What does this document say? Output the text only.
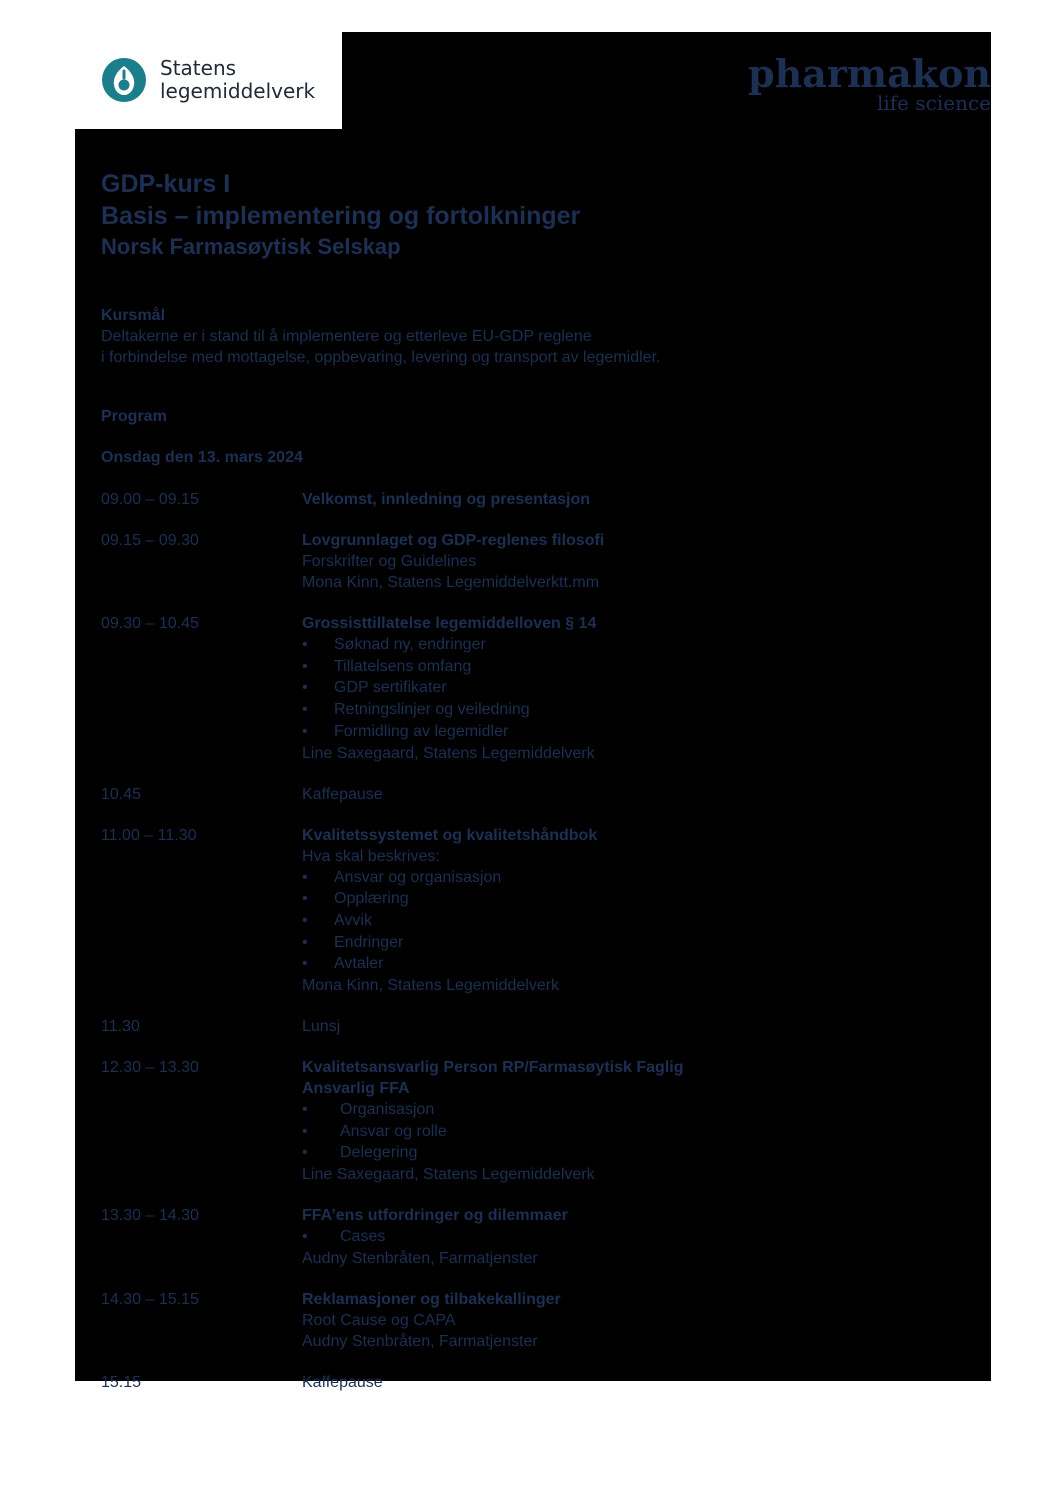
Statens
legemiddelverk	pharmakon
life science
GDP-kurs I
Basis – implementering og fortolkninger
Norsk Farmasøytisk Selskap
Kursmål
Deltakerne er i stand til å implementere og etterleve EU-GDP reglene
i forbindelse med mottagelse, oppbevaring, levering og transport av legemidler.
Program
Onsdag den 13. mars 2024
09.00 – 09.15	Velkomst, innledning og presentasjon
09.15 – 09.30	Lovgrunnlaget og GDP-reglenes filosofi
Forskrifter og Guidelines
Mona Kinn, Statens Legemiddelverktt.mm
09.30 – 10.45	Grossisttillatelse legemiddelloven § 14
• Søknad ny, endringer
• Tillatelsens omfang
• GDP sertifikater
• Retningslinjer og veiledning
• Formidling av legemidler
Line Saxegaard, Statens Legemiddelverk
10.45	Kaffepause
11.00 – 11.30	Kvalitetssystemet og kvalitetshåndbok
Hva skal beskrives:
• Ansvar og organisasjon
• Opplæring
• Avvik
• Endringer
• Avtaler
Mona Kinn, Statens Legemiddelverk
11.30	Lunsj
12.30 – 13.30	Kvalitetsansvarlig Person RP/Farmasøytisk Faglig
Ansvarlig FFA
• Organisasjon
• Ansvar og rolle
• Delegering
Line Saxegaard, Statens Legemiddelverk
13.30 – 14.30	FFA’ens utfordringer og dilemmaer
• Cases
Audny Stenbråten, Farmatjenster
14.30 – 15.15	Reklamasjoner og tilbakekallinger
Root Cause og CAPA
Audny Stenbråten, Farmatjenster
15.15	Kaffepause
